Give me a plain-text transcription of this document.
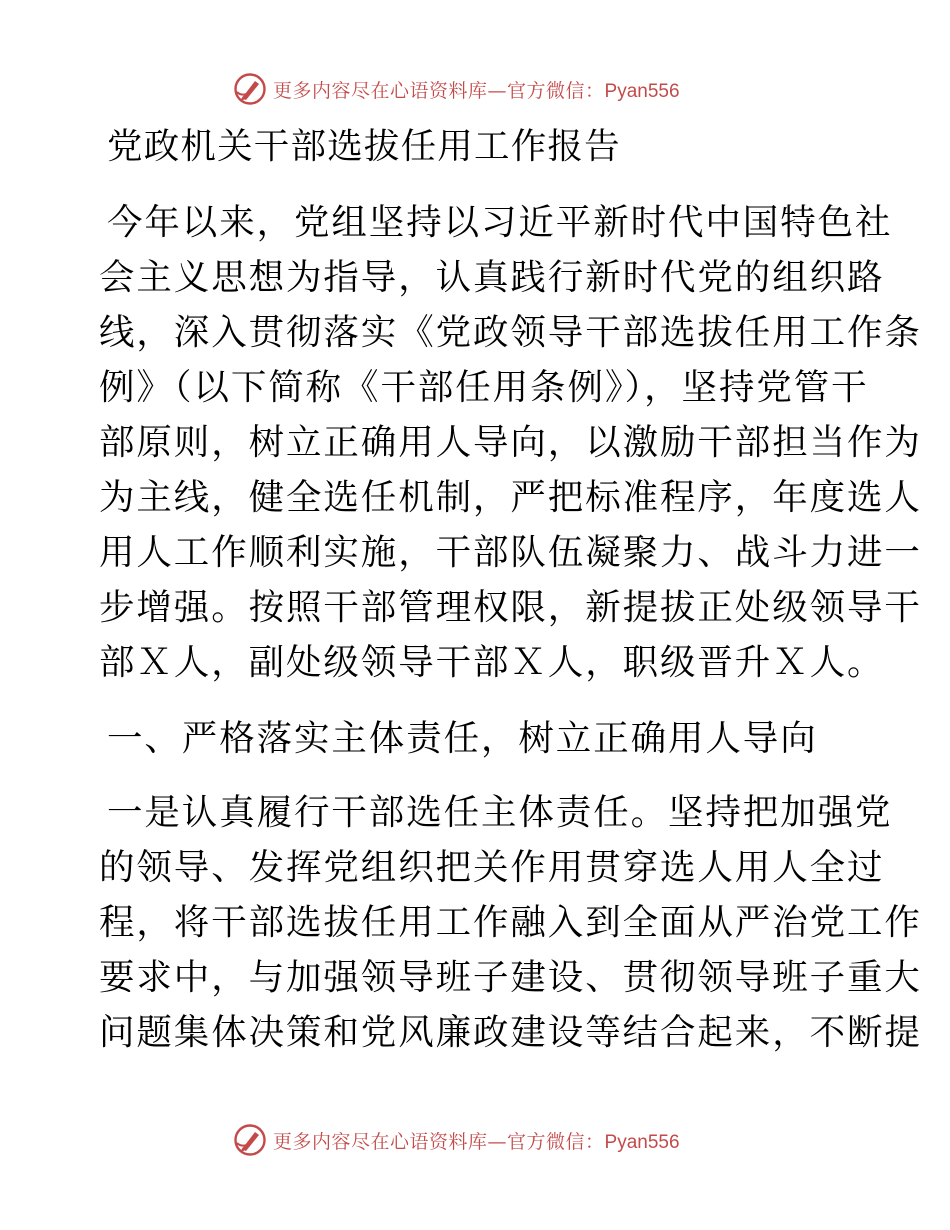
更多内容尽在心语资料库—官方微信：Pyan556
党政机关干部选拔任用工作报告
今年以来，党组坚持以习近平新时代中国特色社
会主义思想为指导，认真践行新时代党的组织路
线，深入贯彻落实《党政领导干部选拔任用工作条
例》（以下简称《干部任用条例》），坚持党管干
部原则，树立正确用人导向，以激励干部担当作为
为主线，健全选任机制，严把标准程序，年度选人
用人工作顺利实施，干部队伍凝聚力、战斗力进一
步增强。按照干部管理权限，新提拔正处级领导干
部Ｘ人，副处级领导干部Ｘ人，职级晋升Ｘ人。
一、严格落实主体责任，树立正确用人导向
一是认真履行干部选任主体责任。坚持把加强党
的领导、发挥党组织把关作用贯穿选人用人全过
程，将干部选拔任用工作融入到全面从严治党工作
要求中，与加强领导班子建设、贯彻领导班子重大
问题集体决策和党风廉政建设等结合起来，不断提
更多内容尽在心语资料库—官方微信：Pyan556
